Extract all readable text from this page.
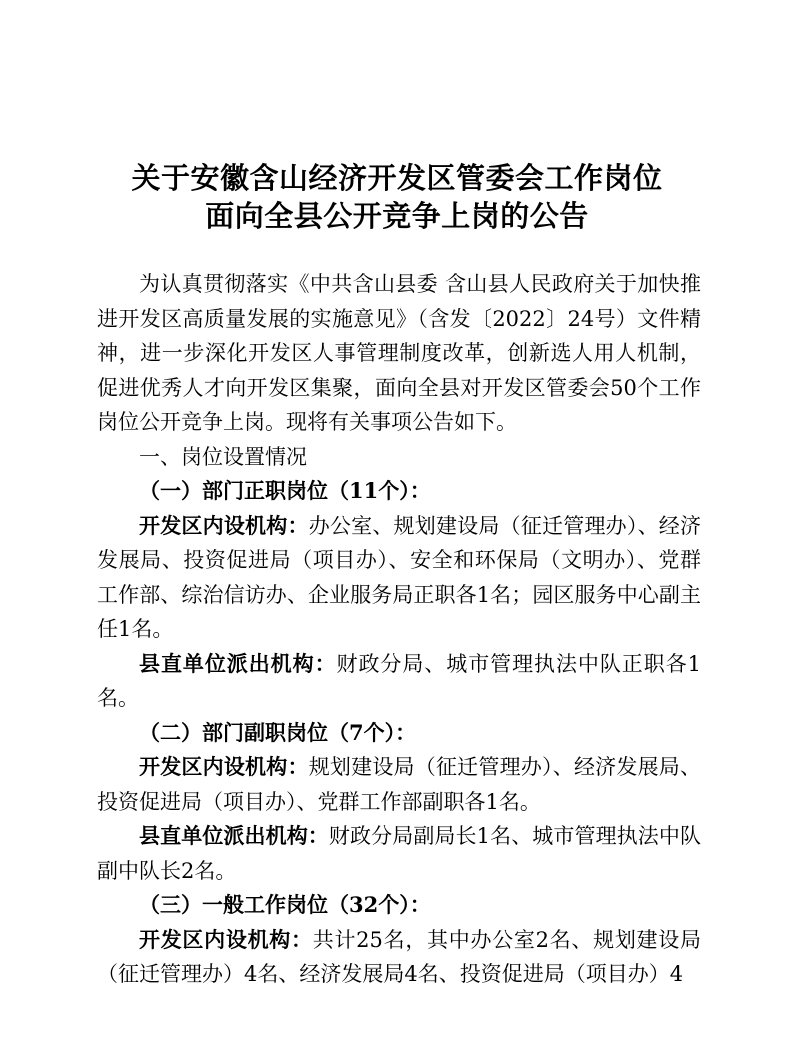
关于安徽含山经济开发区管委会工作岗位
面向全县公开竞争上岗的公告

为认真贯彻落实《中共含山县委 含山县人民政府关于加快推进开发区高质量发展的实施意见》（含发〔2022〕24号）文件精神，进一步深化开发区人事管理制度改革，创新选人用人机制，促进优秀人才向开发区集聚，面向全县对开发区管委会50个工作岗位公开竞争上岗。现将有关事项公告如下。

一、岗位设置情况

（一）部门正职岗位（11个）：

开发区内设机构：办公室、规划建设局（征迁管理办）、经济发展局、投资促进局（项目办）、安全和环保局（文明办）、党群工作部、综治信访办、企业服务局正职各1名；园区服务中心副主任1名。

县直单位派出机构：财政分局、城市管理执法中队正职各1名。

（二）部门副职岗位（7个）：

开发区内设机构：规划建设局（征迁管理办）、经济发展局、投资促进局（项目办）、党群工作部副职各1名。

县直单位派出机构：财政分局副局长1名、城市管理执法中队副中队长2名。

（三）一般工作岗位（32个）：

开发区内设机构：共计25名，其中办公室2名、规划建设局（征迁管理办）4名、经济发展局4名、投资促进局（项目办）4
